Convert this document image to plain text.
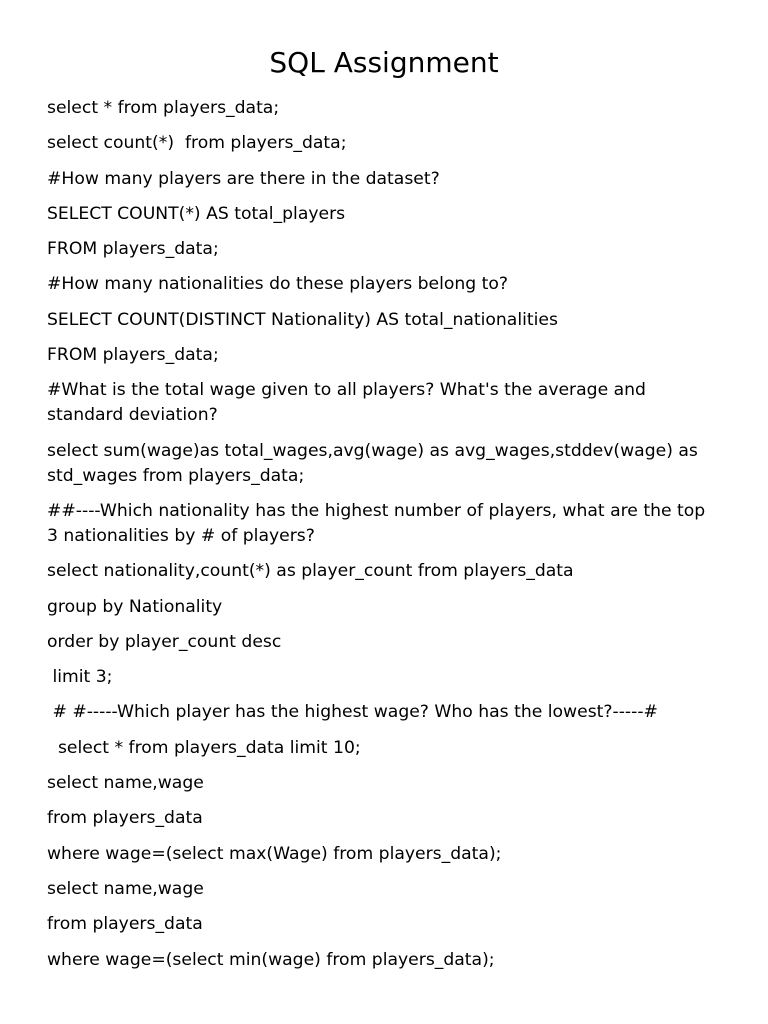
SQL Assignment

select * from players_data;

select count(*)  from players_data;

#How many players are there in the dataset?

SELECT COUNT(*) AS total_players

FROM players_data;

#How many nationalities do these players belong to?

SELECT COUNT(DISTINCT Nationality) AS total_nationalities

FROM players_data;

#What is the total wage given to all players? What's the average and standard deviation?

select sum(wage)as total_wages,avg(wage) as avg_wages,stddev(wage) as std_wages from players_data;

##----Which nationality has the highest number of players, what are the top 3 nationalities by # of players?

select nationality,count(*) as player_count from players_data

group by Nationality

order by player_count desc

limit 3;

# #-----Which player has the highest wage? Who has the lowest?-----#

select * from players_data limit 10;

select name,wage

from players_data

where wage=(select max(Wage) from players_data);

select name,wage

from players_data

where wage=(select min(wage) from players_data);
